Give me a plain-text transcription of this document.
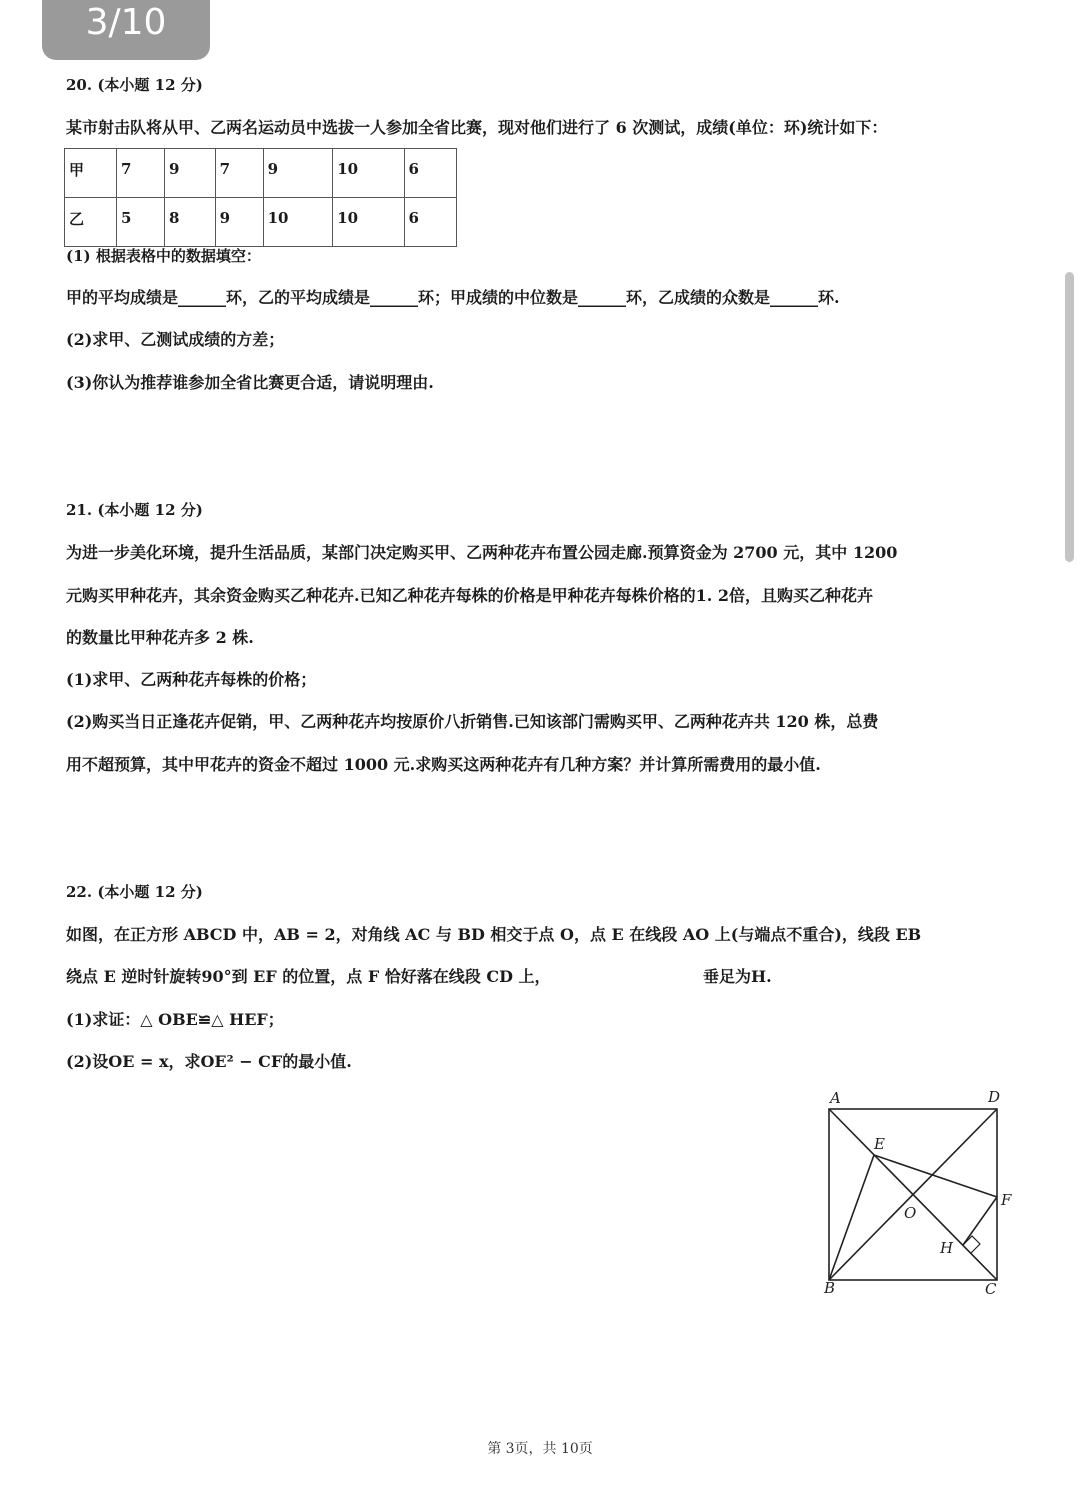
3/10
20. (本小题 12 分)
某市射击队将从甲、乙两名运动员中选拔一人参加全省比赛，现对他们进行了 6 次测试，成绩(单位：环)统计如下：
甲	7	9	7	9	10	6
乙	5	8	9	10	10	6
(1) 根据表格中的数据填空：
甲的平均成绩是______环，乙的平均成绩是______环；甲成绩的中位数是______环，乙成绩的众数是______环.
(2)求甲、乙测试成绩的方差；
(3)你认为推荐谁参加全省比赛更合适，请说明理由.
21. (本小题 12 分)
为进一步美化环境，提升生活品质，某部门决定购买甲、乙两种花卉布置公园走廊.预算资金为 2700 元，其中 1200
元购买甲种花卉，其余资金购买乙种花卉.已知乙种花卉每株的价格是甲种花卉每株价格的1. 2倍，且购买乙种花卉
的数量比甲种花卉多 2 株.
(1)求甲、乙两种花卉每株的价格；
(2)购买当日正逢花卉促销，甲、乙两种花卉均按原价八折销售.已知该部门需购买甲、乙两种花卉共 120 株，总费
用不超预算，其中甲花卉的资金不超过 1000 元.求购买这两种花卉有几种方案？并计算所需费用的最小值.
22. (本小题 12 分)
如图，在正方形 ABCD 中，AB = 2，对角线 AC 与 BD 相交于点 O，点 E 在线段 AO 上(与端点不重合)，线段 EB
绕点 E 逆时针旋转90°到 EF 的位置，点 F 恰好落在线段 CD 上，	垂足为H.
(1)求证：△ OBE≌△ HEF；
(2)设OE = x，求OE² − CF的最小值.
A	D
E
F
O
H
B	C
第 3页，共 10页
